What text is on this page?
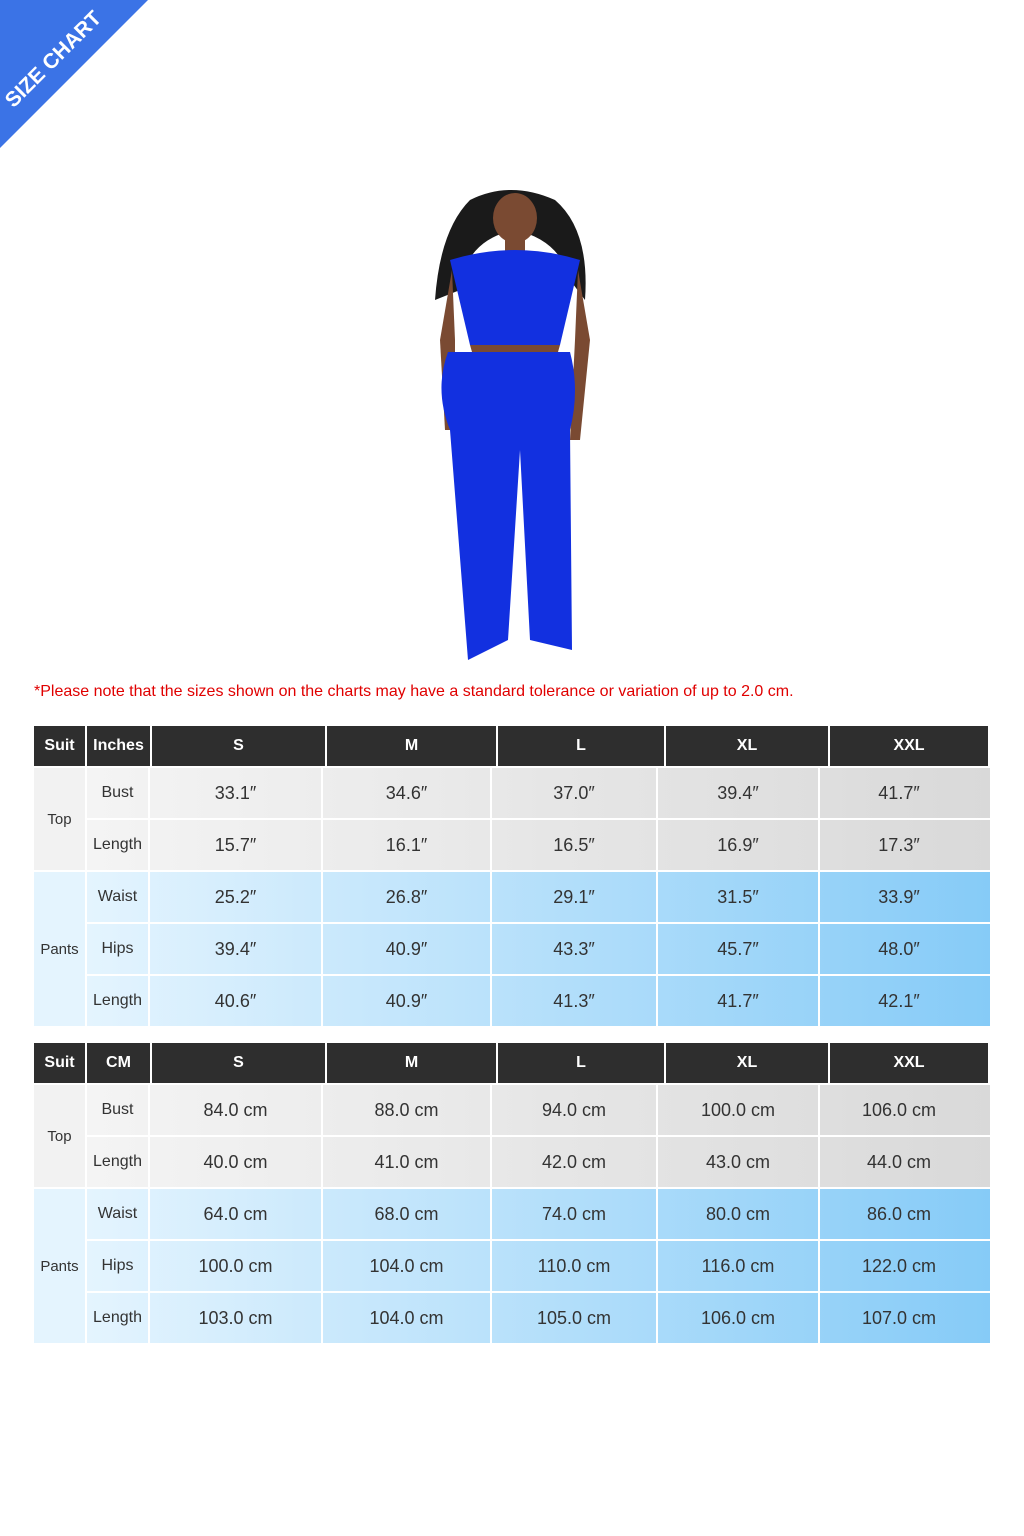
SIZE CHART
*Please note that the sizes shown on the charts may have a standard tolerance or variation of up to 2.0 cm.
Suit	Inches	S	M	L	XL	XXL
Top
Bust	33.1″	34.6″	37.0″	39.4″	41.7″
Length	15.7″	16.1″	16.5″	16.9″	17.3″
Pants
Waist	25.2″	26.8″	29.1″	31.5″	33.9″
Hips	39.4″	40.9″	43.3″	45.7″	48.0″
Length	40.6″	40.9″	41.3″	41.7″	42.1″
Suit	CM	S	M	L	XL	XXL
Top
Bust	84.0 cm	88.0 cm	94.0 cm	100.0 cm	106.0 cm
Length	40.0 cm	41.0 cm	42.0 cm	43.0 cm	44.0 cm
Pants
Waist	64.0 cm	68.0 cm	74.0 cm	80.0 cm	86.0 cm
Hips	100.0 cm	104.0 cm	110.0 cm	116.0 cm	122.0 cm
Length	103.0 cm	104.0 cm	105.0 cm	106.0 cm	107.0 cm
